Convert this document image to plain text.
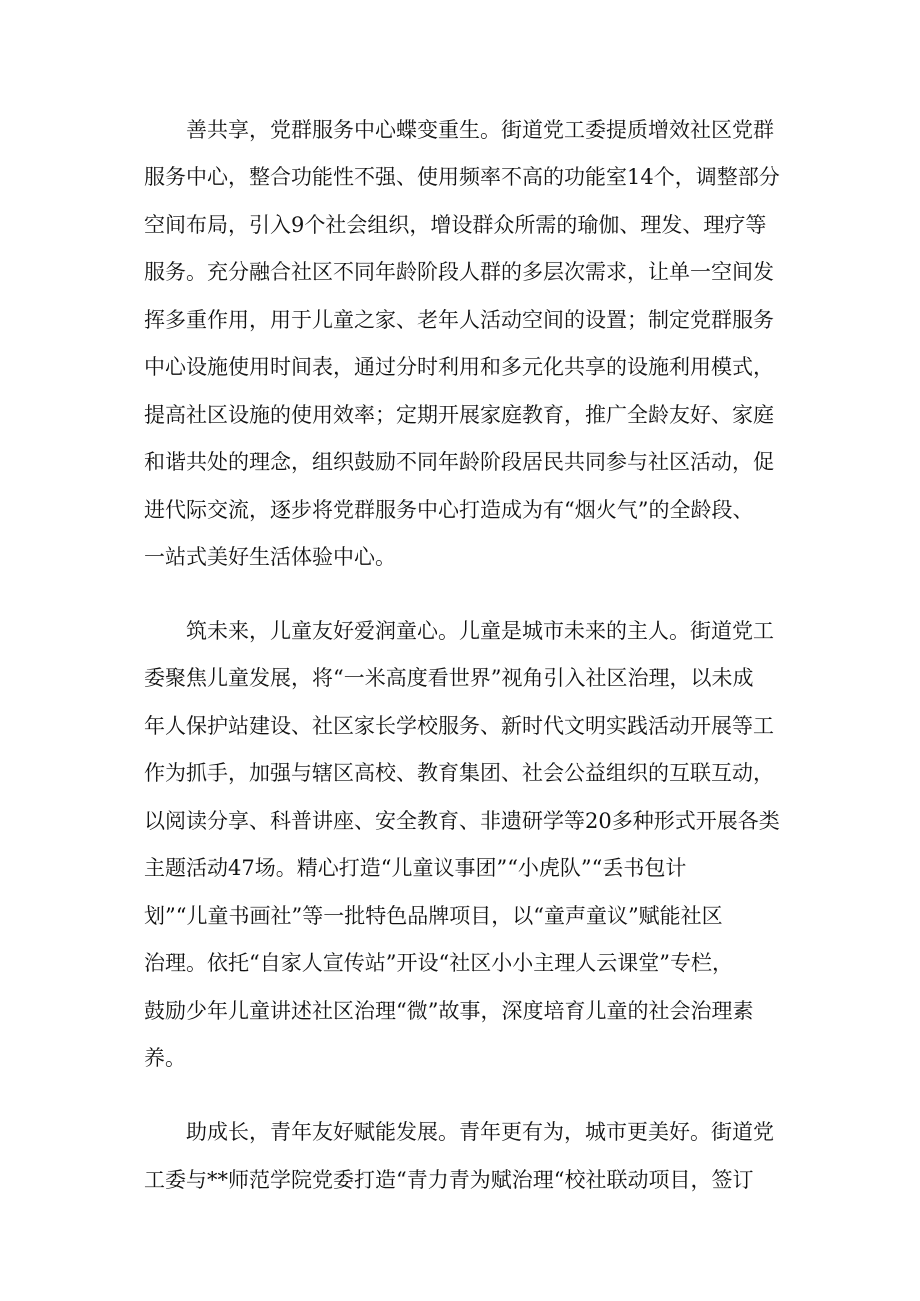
善共享，党群服务中心蝶变重生。街道党工委提质增效社区党群
服务中心，整合功能性不强、使用频率不高的功能室14个，调整部分
空间布局，引入9个社会组织，增设群众所需的瑜伽、理发、理疗等
服务。充分融合社区不同年龄阶段人群的多层次需求，让单一空间发
挥多重作用，用于儿童之家、老年人活动空间的设置；制定党群服务
中心设施使用时间表，通过分时利用和多元化共享的设施利用模式，
提高社区设施的使用效率；定期开展家庭教育，推广全龄友好、家庭
和谐共处的理念，组织鼓励不同年龄阶段居民共同参与社区活动，促
进代际交流，逐步将党群服务中心打造成为有“烟火气”的全龄段、
一站式美好生活体验中心。
筑未来，儿童友好爱润童心。儿童是城市未来的主人。街道党工
委聚焦儿童发展，将“一米高度看世界”视角引入社区治理，以未成
年人保护站建设、社区家长学校服务、新时代文明实践活动开展等工
作为抓手，加强与辖区高校、教育集团、社会公益组织的互联互动，
以阅读分享、科普讲座、安全教育、非遗研学等20多种形式开展各类
主题活动47场。精心打造“儿童议事团”“小虎队”“丢书包计
划”“儿童书画社”等一批特色品牌项目，以“童声童议”赋能社区
治理。依托“自家人宣传站”开设“社区小小主理人云课堂”专栏，
鼓励少年儿童讲述社区治理“微”故事，深度培育儿童的社会治理素
养。
助成长，青年友好赋能发展。青年更有为，城市更美好。街道党
工委与**师范学院党委打造“青力青为赋治理“校社联动项目，签订
